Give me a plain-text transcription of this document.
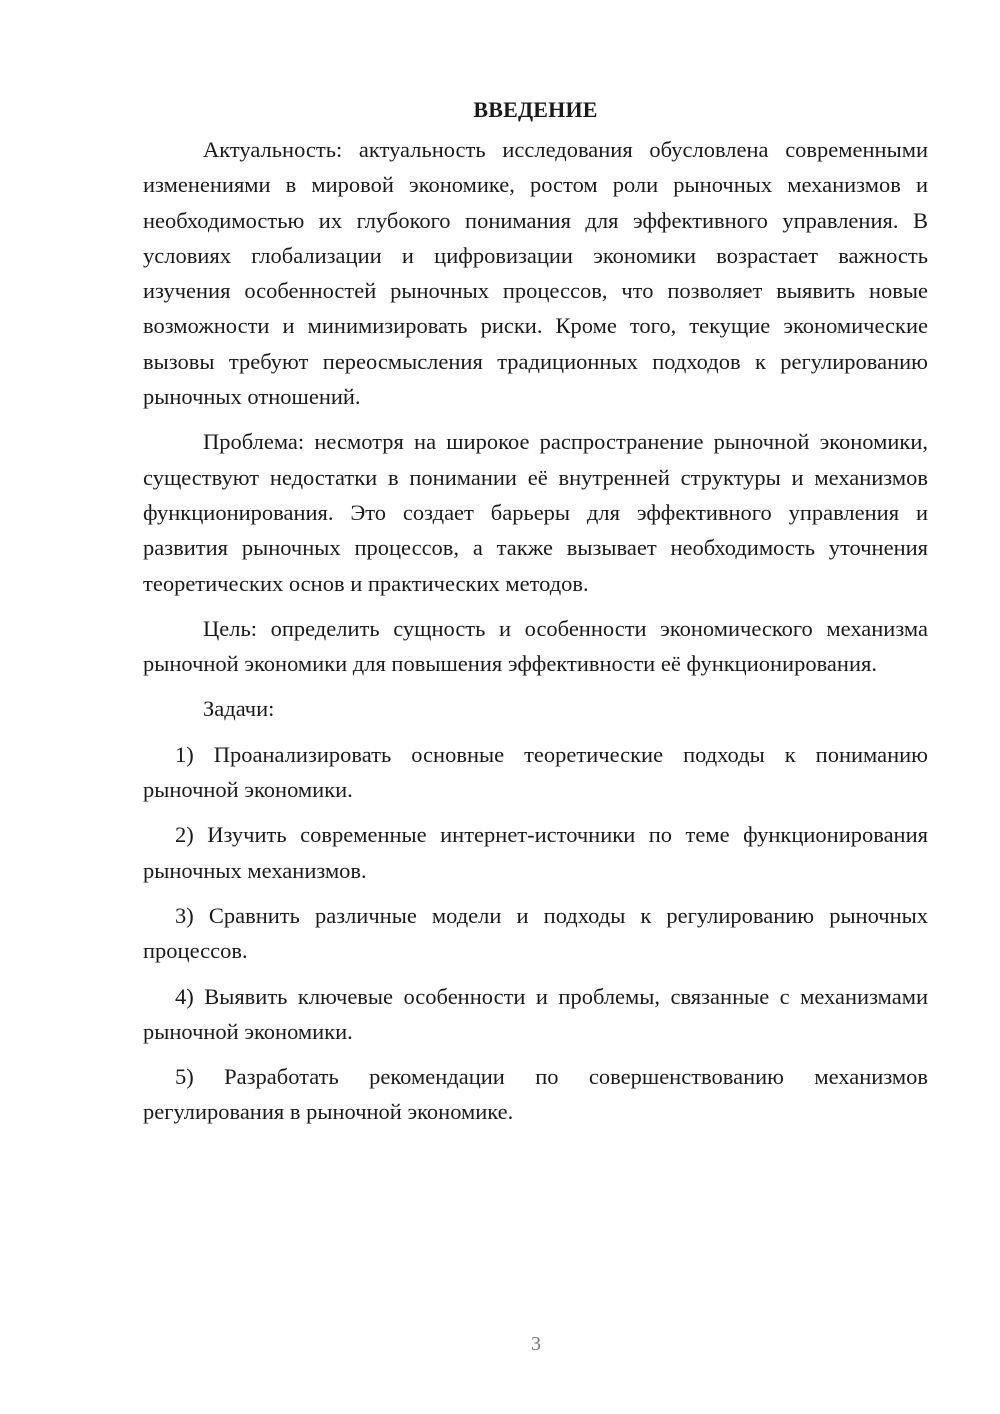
ВВЕДЕНИЕ

Актуальность: актуальность исследования обусловлена современными изменениями в мировой экономике, ростом роли рыночных механизмов и необходимостью их глубокого понимания для эффективного управления. В условиях глобализации и цифровизации экономики возрастает важность изучения особенностей рыночных процессов, что позволяет выявить новые возможности и минимизировать риски. Кроме того, текущие экономические вызовы требуют переосмысления традиционных подходов к регулированию рыночных отношений.

Проблема: несмотря на широкое распространение рыночной экономики, существуют недостатки в понимании её внутренней структуры и механизмов функционирования. Это создает барьеры для эффективного управления и развития рыночных процессов, а также вызывает необходимость уточнения теоретических основ и практических методов.

Цель: определить сущность и особенности экономического механизма рыночной экономики для повышения эффективности её функционирования.

Задачи:

1) Проанализировать основные теоретические подходы к пониманию рыночной экономики.

2) Изучить современные интернет-источники по теме функционирования рыночных механизмов.

3) Сравнить различные модели и подходы к регулированию рыночных процессов.

4) Выявить ключевые особенности и проблемы, связанные с механизмами рыночной экономики.

5) Разработать рекомендации по совершенствованию механизмов регулирования в рыночной экономике.

3
